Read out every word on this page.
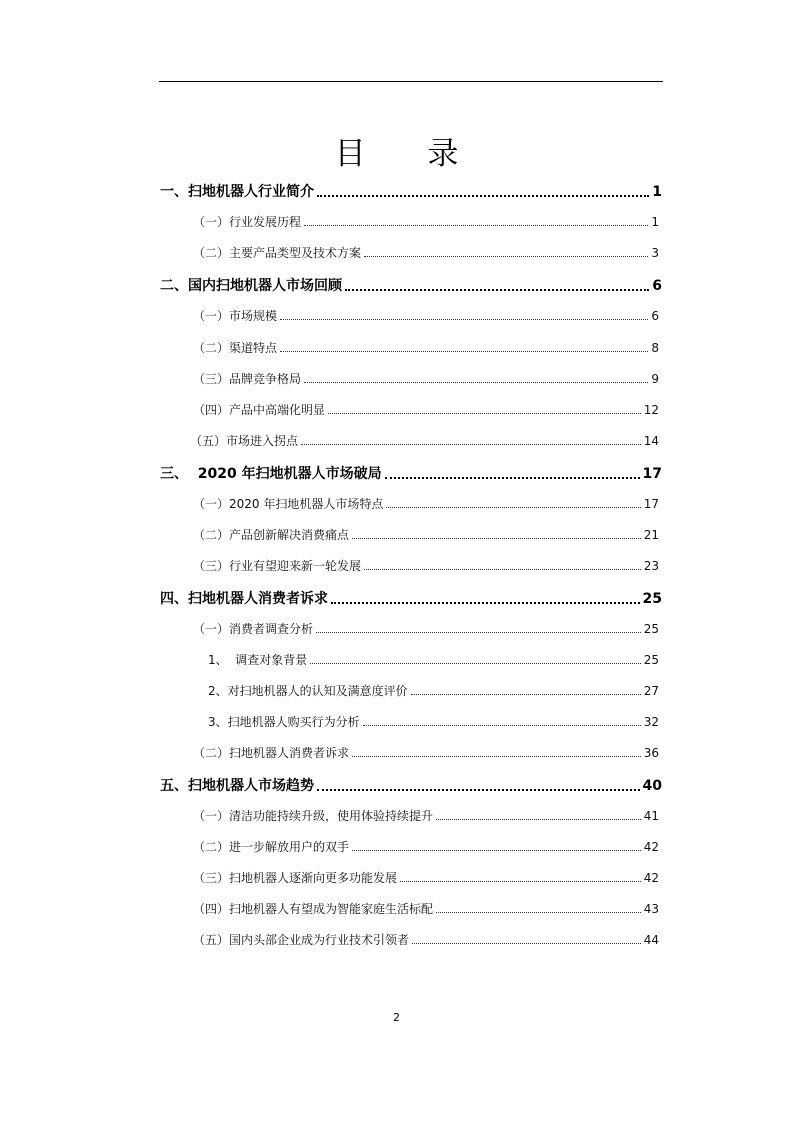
目 录
一、扫地机器人行业简介	1
（一）行业发展历程	1
（二）主要产品类型及技术方案	3
二、国内扫地机器人市场回顾	6
（一）市场规模	6
（二）渠道特点	8
（三）品牌竞争格局	9
（四）产品中高端化明显	12
（五）市场进入拐点	14
三、  2020 年扫地机器人市场破局	17
（一）2020 年扫地机器人市场特点	17
（二）产品创新解决消费痛点	21
（三）行业有望迎来新一轮发展	23
四、扫地机器人消费者诉求	25
（一）消费者调查分析	25
1、  调查对象背景	25
2、对扫地机器人的认知及满意度评价	27
3、扫地机器人购买行为分析	32
（二）扫地机器人消费者诉求	36
五、扫地机器人市场趋势	40
（一）清洁功能持续升级，使用体验持续提升	41
（二）进一步解放用户的双手	42
（三）扫地机器人逐渐向更多功能发展	42
（四）扫地机器人有望成为智能家庭生活标配	43
（五）国内头部企业成为行业技术引领者	44
2
